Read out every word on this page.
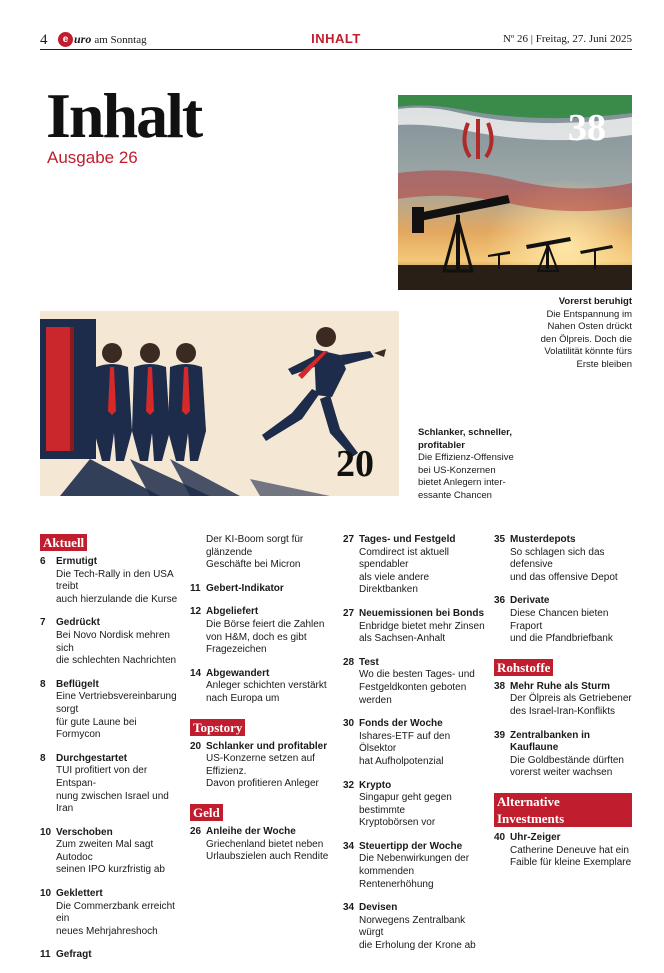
4	e uro am Sonntag	INHALT	Nº 26 | Freitag, 27. Juni 2025
Inhalt
Ausgabe 26
38
Vorerst beruhigt
Die Entspannung im
Nahen Osten drückt
den Ölpreis. Doch die
Volatilität könnte fürs
Erste bleiben
20
Schlanker, schneller,
profitabler
Die Effizienz-Offensive
bei US-Konzernen
bietet Anlegern inter-
essante Chancen
Aktuell
6 Ermutigt
Die Tech-Rally in den USA treibt
auch hierzulande die Kurse
7 Gedrückt
Bei Novo Nordisk mehren sich
die schlechten Nachrichten
8 Beflügelt
Eine Vertriebsvereinbarung sorgt
für gute Laune bei Formycon
8 Durchgestartet
TUI profitiert von der Entspan-
nung zwischen Israel und Iran
10 Verschoben
Zum zweiten Mal sagt Autodoc
seinen IPO kurzfristig ab
10 Geklettert
Die Commerzbank erreicht ein
neues Mehrjahreshoch
11 Gefragt
Der KI-Boom sorgt für glänzende
Geschäfte bei Micron
11 Gebert-Indikator
12 Abgeliefert
Die Börse feiert die Zahlen
von H&M, doch es gibt
Fragezeichen
14 Abgewandert
Anleger schichten verstärkt
nach Europa um
Topstory
20 Schlanker und profitabler
US-Konzerne setzen auf Effizienz.
Davon profitieren Anleger
Geld
26 Anleihe der Woche
Griechenland bietet neben
Urlaubszielen auch Rendite
27 Tages- und Festgeld
Comdirect ist aktuell spendabler
als viele andere Direktbanken
27 Neuemissionen bei Bonds
Enbridge bietet mehr Zinsen
als Sachsen-Anhalt
28 Test
Wo die besten Tages- und
Festgeldkonten geboten werden
30 Fonds der Woche
Ishares-ETF auf den Ölsektor
hat Aufholpotenzial
32 Krypto
Singapur geht gegen bestimmte
Kryptobörsen vor
34 Steuertipp der Woche
Die Nebenwirkungen der
kommenden Rentenerhöhung
34 Devisen
Norwegens Zentralbank würgt
die Erholung der Krone ab
35 Musterdepots
So schlagen sich das defensive
und das offensive Depot
36 Derivate
Diese Chancen bieten Fraport
und die Pfandbriefbank
Rohstoffe
38 Mehr Ruhe als Sturm
Der Ölpreis als Getriebener
des Israel-Iran-Konflikts
39 Zentralbanken in Kauflaune
Die Goldbestände dürften
vorerst weiter wachsen
Alternative Investments
40 Uhr-Zeiger
Catherine Deneuve hat ein
Faible für kleine Exemplare
